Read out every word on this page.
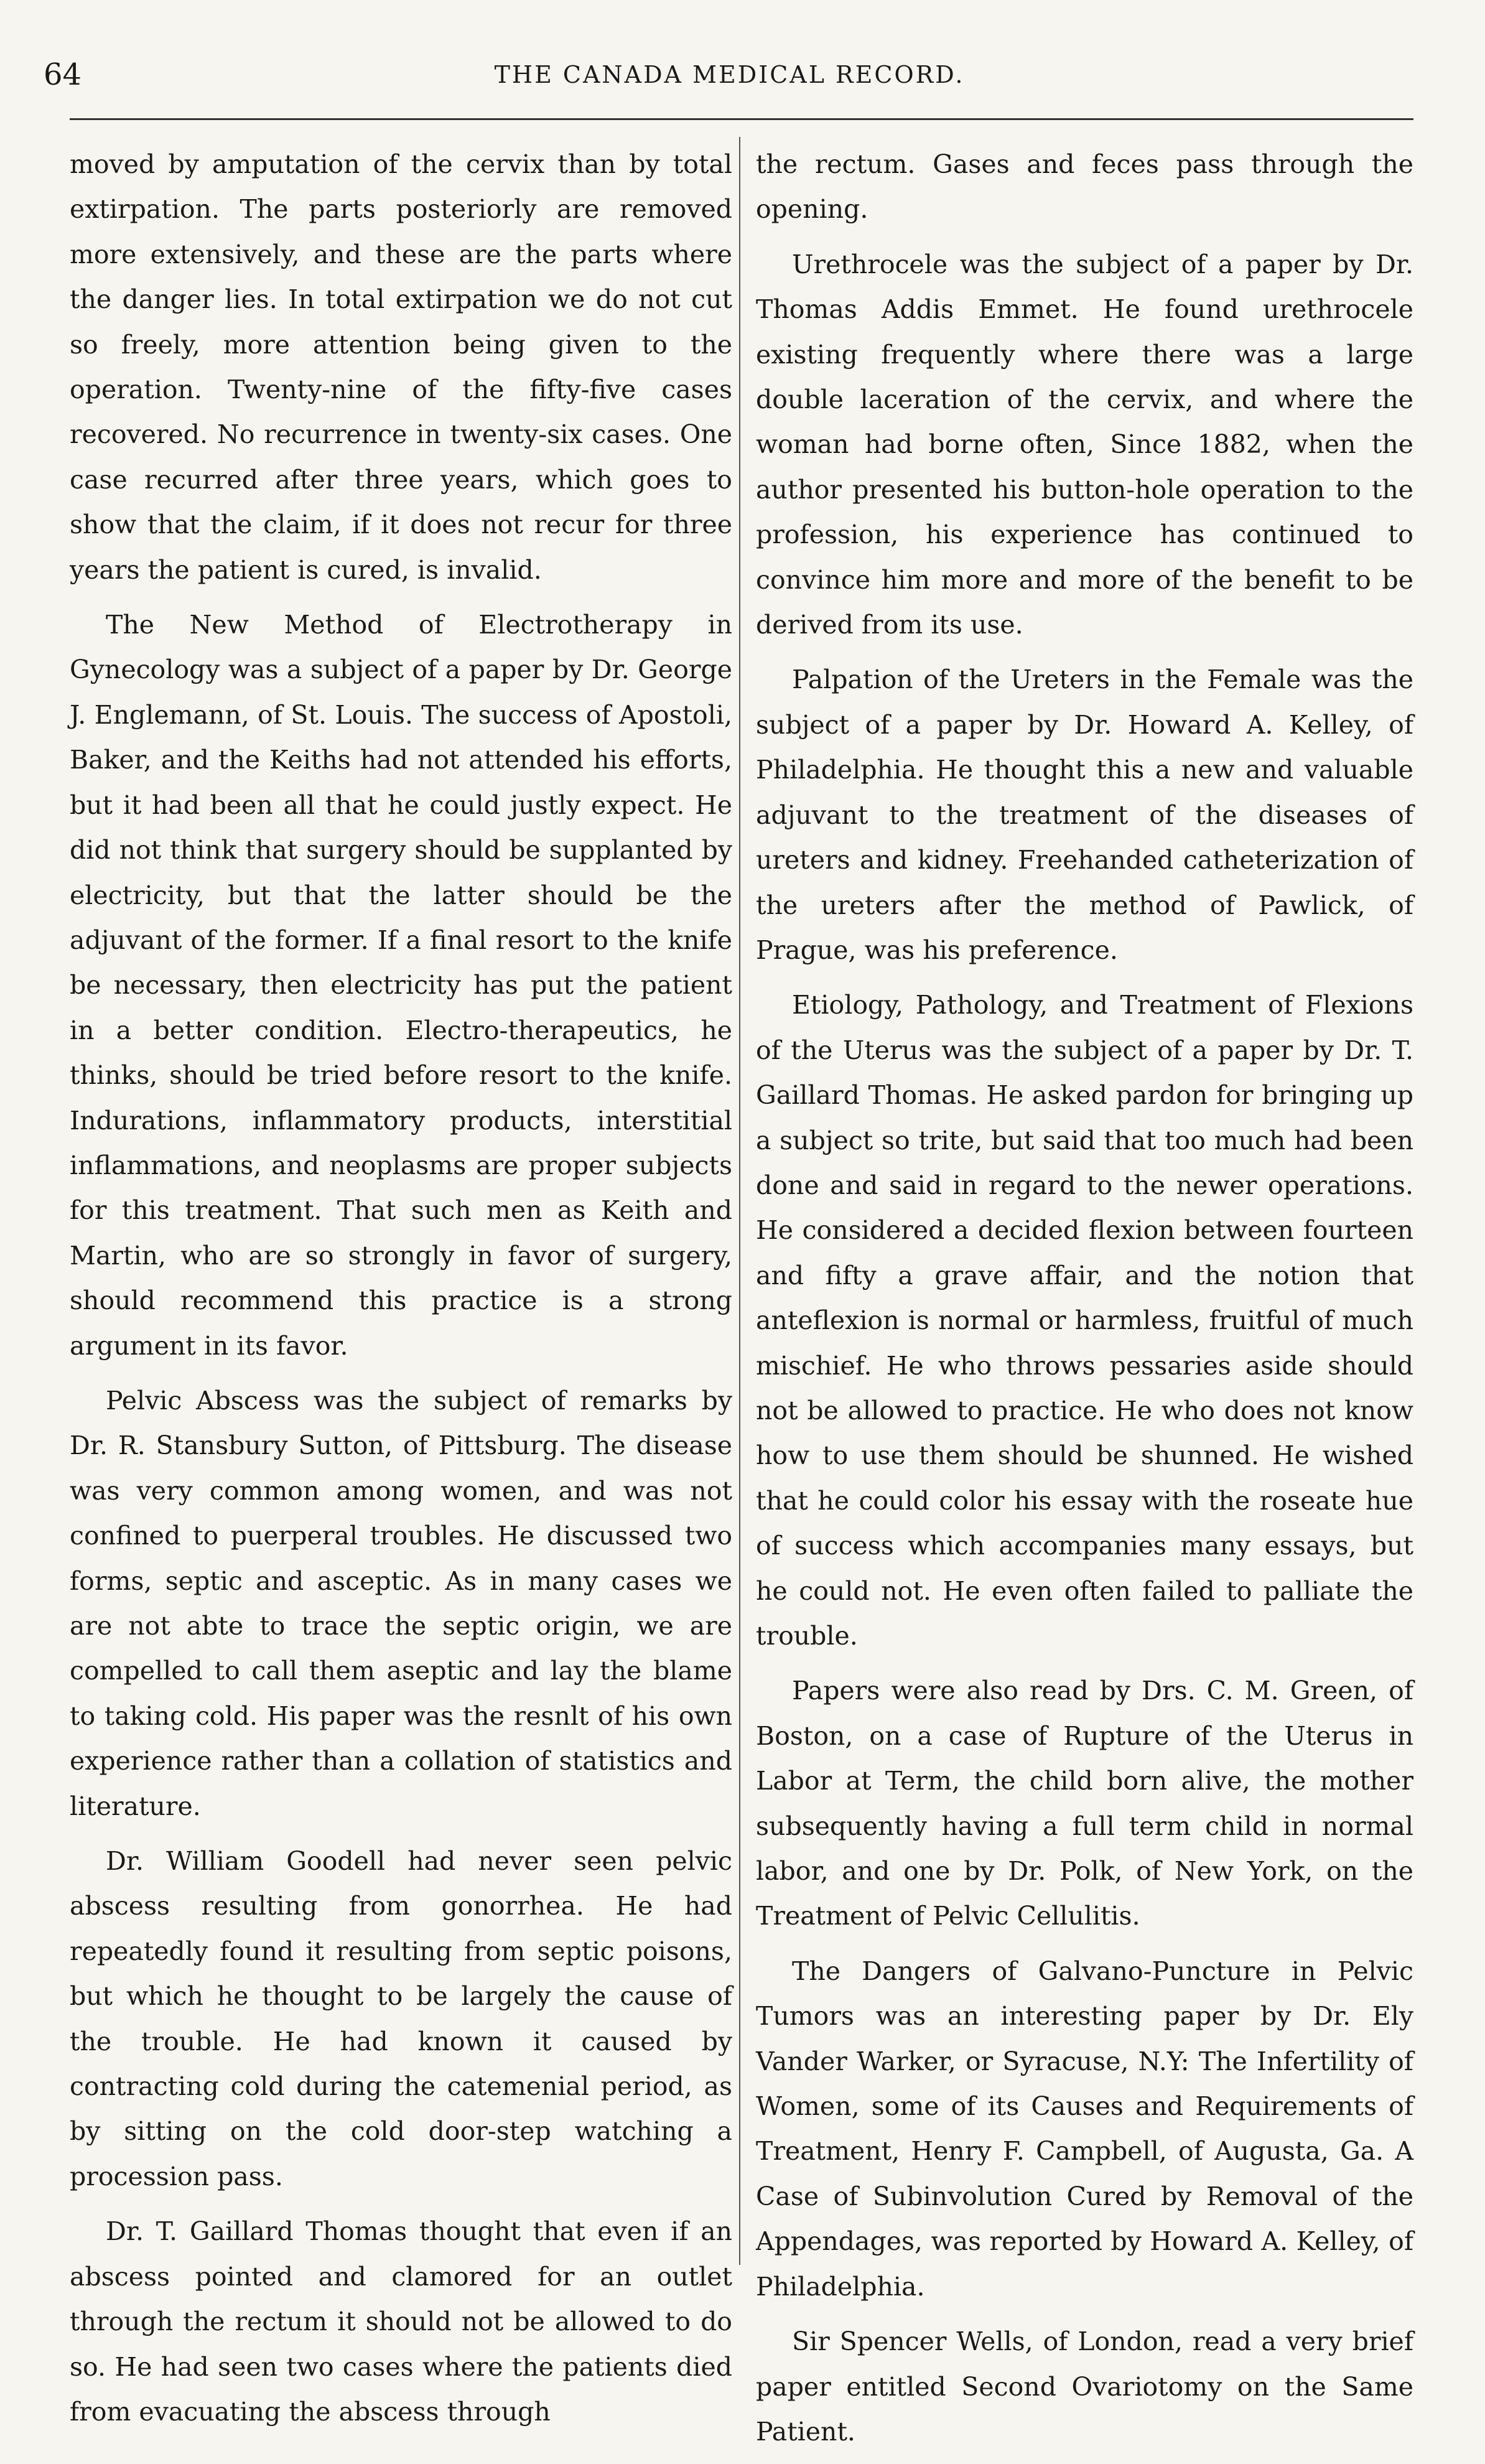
64	THE CANADA MEDICAL RECORD.

moved by amputation of the cervix than by total extirpation. The parts posteriorly are removed more extensively, and these are the parts where the danger lies. In total extirpation we do not cut so freely, more attention being given to the operation. Twenty-nine of the fifty-five cases recovered. No recurrence in twenty-six cases. One case recurred after three years, which goes to show that the claim, if it does not recur for three years the patient is cured, is invalid.

The New Method of Electrotherapy in Gynecology was a subject of a paper by Dr. George J. Englemann, of St. Louis. The success of Apostoli, Baker, and the Keiths had not attended his efforts, but it had been all that he could justly expect. He did not think that surgery should be supplanted by electricity, but that the latter should be the adjuvant of the former. If a final resort to the knife be necessary, then electricity has put the patient in a better condition. Electro-therapeutics, he thinks, should be tried before resort to the knife. Indurations, inflammatory products, interstitial inflammations, and neoplasms are proper subjects for this treatment. That such men as Keith and Martin, who are so strongly in favor of surgery, should recommend this practice is a strong argument in its favor.

Pelvic Abscess was the subject of remarks by Dr. R. Stansbury Sutton, of Pittsburg. The disease was very common among women, and was not confined to puerperal troubles. He discussed two forms, septic and asceptic. As in many cases we are not abte to trace the septic origin, we are compelled to call them aseptic and lay the blame to taking cold. His paper was the resnlt of his own experience rather than a collation of statistics and literature.

Dr. William Goodell had never seen pelvic abscess resulting from gonorrhea. He had repeatedly found it resulting from septic poisons, but which he thought to be largely the cause of the trouble. He had known it caused by contracting cold during the catemenial period, as by sitting on the cold door-step watching a procession pass.

Dr. T. Gaillard Thomas thought that even if an abscess pointed and clamored for an outlet through the rectum it should not be allowed to do so. He had seen two cases where the patients died from evacuating the abscess through

the rectum. Gases and feces pass through the opening.

Urethrocele was the subject of a paper by Dr. Thomas Addis Emmet. He found urethrocele existing frequently where there was a large double laceration of the cervix, and where the woman had borne often, Since 1882, when the author presented his button-hole operation to the profession, his experience has continued to convince him more and more of the benefit to be derived from its use.

Palpation of the Ureters in the Female was the subject of a paper by Dr. Howard A. Kelley, of Philadelphia. He thought this a new and valuable adjuvant to the treatment of the diseases of ureters and kidney. Freehanded catheterization of the ureters after the method of Pawlick, of Prague, was his preference.

Etiology, Pathology, and Treatment of Flexions of the Uterus was the subject of a paper by Dr. T. Gaillard Thomas. He asked pardon for bringing up a subject so trite, but said that too much had been done and said in regard to the newer operations. He considered a decided flexion between fourteen and fifty a grave affair, and the notion that anteflexion is normal or harmless, fruitful of much mischief. He who throws pessaries aside should not be allowed to practice. He who does not know how to use them should be shunned. He wished that he could color his essay with the roseate hue of success which accompanies many essays, but he could not. He even often failed to palliate the trouble.

Papers were also read by Drs. C. M. Green, of Boston, on a case of Rupture of the Uterus in Labor at Term, the child born alive, the mother subsequently having a full term child in normal labor, and one by Dr. Polk, of New York, on the Treatment of Pelvic Cellulitis.

The Dangers of Galvano-Puncture in Pelvic Tumors was an interesting paper by Dr. Ely Vander Warker, or Syracuse, N.Y: The Infertility of Women, some of its Causes and Requirements of Treatment, Henry F. Campbell, of Augusta, Ga. A Case of Subinvolution Cured by Removal of the Appendages, was reported by Howard A. Kelley, of Philadelphia.

Sir Spencer Wells, of London, read a very brief paper entitled Second Ovariotomy on the Same Patient.
